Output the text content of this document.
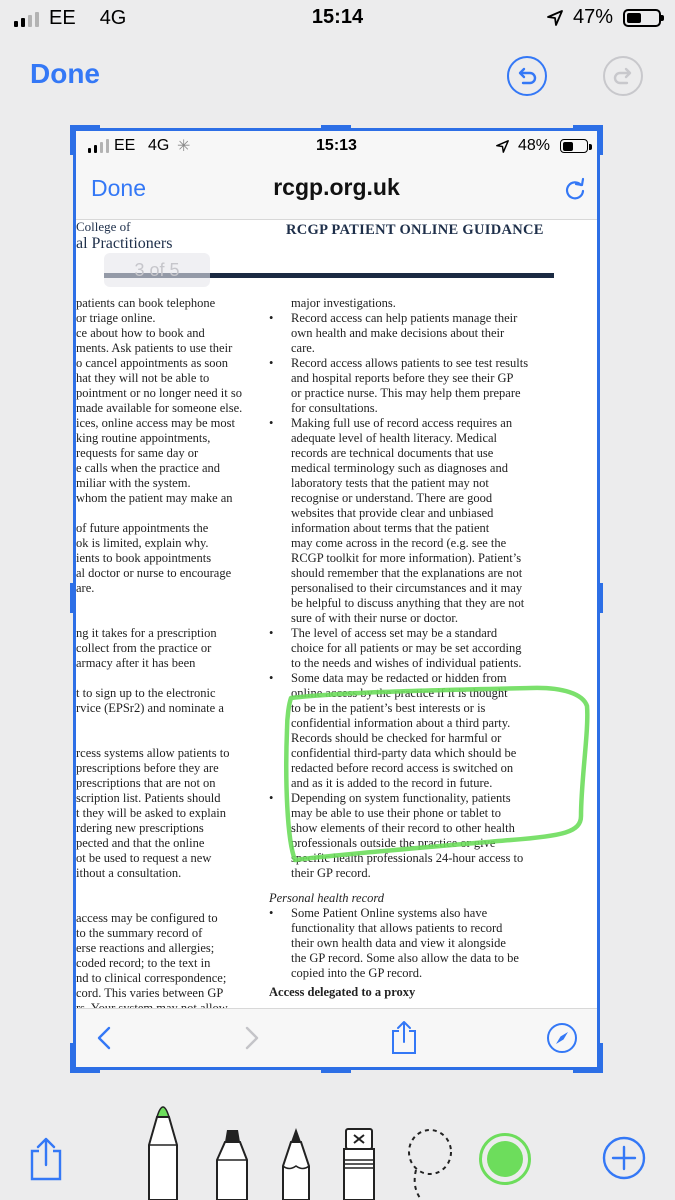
EE 4G	15:14	47%
Done
EE 4G ✳	15:13	48%
Done	rcgp.org.uk
College of
al Practitioners
RCGP PATIENT ONLINE GUIDANCE
3 of 5
patients can book telephone
or triage online.
ce about how to book and
ments. Ask patients to use their
o cancel appointments as soon
hat they will not be able to
pointment or no longer need it so
made available for someone else.
ices, online access may be most
king routine appointments,
requests for same day or
e calls when the practice and
miliar with the system.
whom the patient may make an
of future appointments the
ok is limited, explain why.
ients to book appointments
al doctor or nurse to encourage
are.
ng it takes for a prescription
collect from the practice or
armacy after it has been
t to sign up to the electronic
rvice (EPSr2) and nominate a
rcess systems allow patients to
prescriptions before they are
prescriptions that are not on
scription list. Patients should
t they will be asked to explain
rdering new prescriptions
pected and that the online
ot be used to request a new
ithout a consultation.
access may be configured to
to the summary record of
erse reactions and allergies;
coded record; to the text in
nd to clinical correspondence;
cord. This varies between GP
major investigations.
• Record access can help patients manage their
own health and make decisions about their
care.
• Record access allows patients to see test results
and hospital reports before they see their GP
or practice nurse. This may help them prepare
for consultations.
• Making full use of record access requires an
adequate level of health literacy. Medical
records are technical documents that use
medical terminology such as diagnoses and
laboratory tests that the patient may not
recognise or understand. There are good
websites that provide clear and unbiased
information about terms that the patient
may come across in the record (e.g. see the
RCGP toolkit for more information). Patient’s
should remember that the explanations are not
personalised to their circumstances and it may
be helpful to discuss anything that they are not
sure of with their nurse or doctor.
• The level of access set may be a standard
choice for all patients or may be set according
to the needs and wishes of individual patients.
• Some data may be redacted or hidden from
online access by the practice if it is thought
to be in the patient’s best interests or is
confidential information about a third party.
Records should be checked for harmful or
confidential third-party data which should be
redacted before record access is switched on
and as it is added to the record in future.
• Depending on system functionality, patients
may be able to use their phone or tablet to
show elements of their record to other health
professionals outside the practice or give
specific health professionals 24-hour access to
their GP record.
Personal health record
• Some Patient Online systems also have
functionality that allows patients to record
their own health data and view it alongside
the GP record. Some also allow the data to be
copied into the GP record.
Access delegated to a proxy
